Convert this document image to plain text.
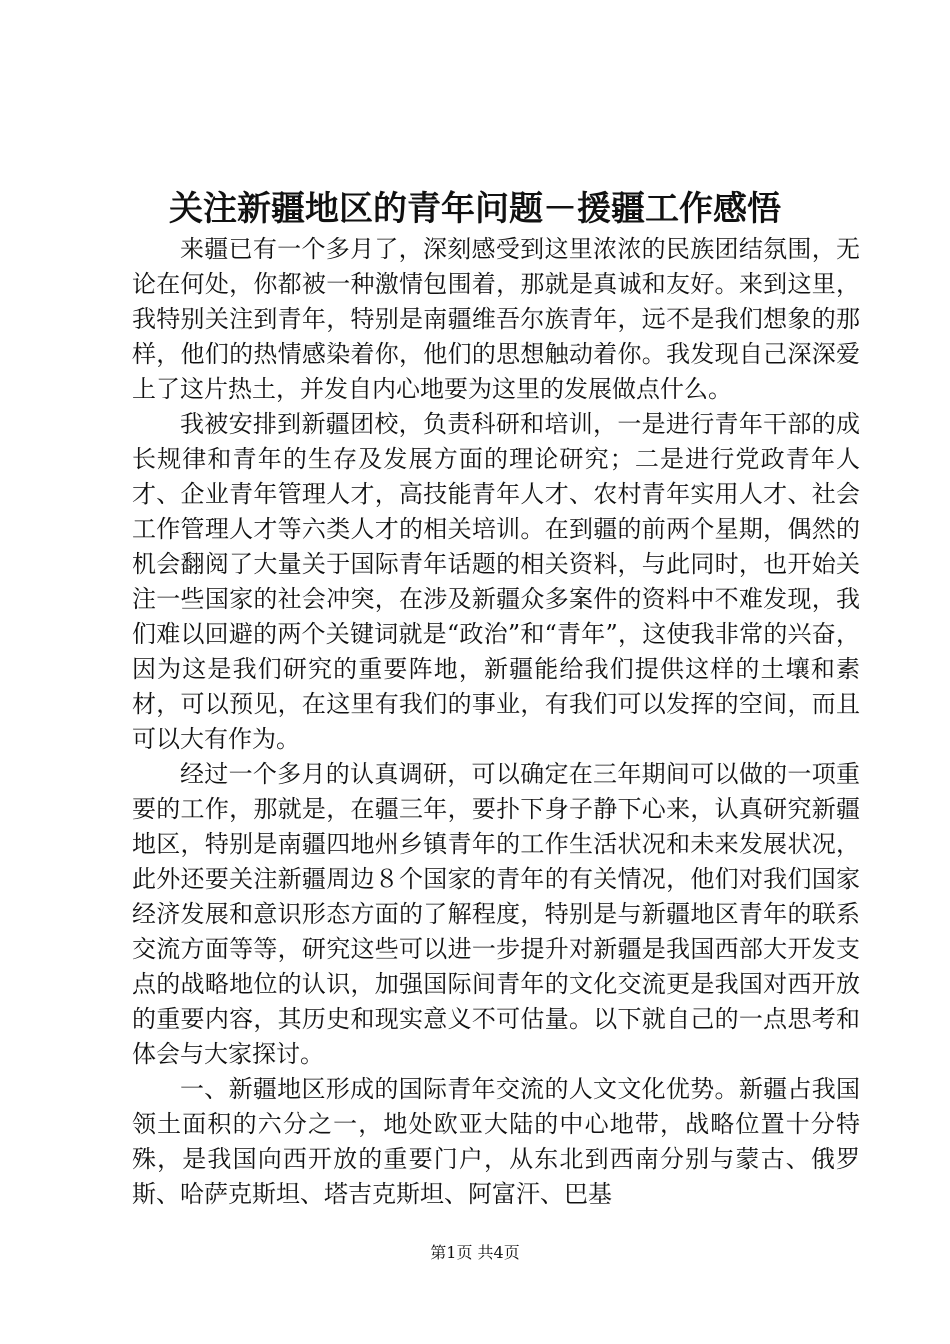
关注新疆地区的青年问题－援疆工作感悟

来疆已有一个多月了，深刻感受到这里浓浓的民族团结氛围，无论在何处，你都被一种激情包围着，那就是真诚和友好。来到这里，我特别关注到青年，特别是南疆维吾尔族青年，远不是我们想象的那样，他们的热情感染着你，他们的思想触动着你。我发现自己深深爱上了这片热土，并发自内心地要为这里的发展做点什么。

我被安排到新疆团校，负责科研和培训，一是进行青年干部的成长规律和青年的生存及发展方面的理论研究；二是进行党政青年人才、企业青年管理人才，高技能青年人才、农村青年实用人才、社会工作管理人才等六类人才的相关培训。在到疆的前两个星期，偶然的机会翻阅了大量关于国际青年话题的相关资料，与此同时，也开始关注一些国家的社会冲突，在涉及新疆众多案件的资料中不难发现，我们难以回避的两个关键词就是“政治”和“青年”，这使我非常的兴奋，因为这是我们研究的重要阵地，新疆能给我们提供这样的土壤和素材，可以预见，在这里有我们的事业，有我们可以发挥的空间，而且可以大有作为。

经过一个多月的认真调研，可以确定在三年期间可以做的一项重要的工作，那就是，在疆三年，要扑下身子静下心来，认真研究新疆地区，特别是南疆四地州乡镇青年的工作生活状况和未来发展状况，此外还要关注新疆周边８个国家的青年的有关情况，他们对我们国家经济发展和意识形态方面的了解程度，特别是与新疆地区青年的联系交流方面等等，研究这些可以进一步提升对新疆是我国西部大开发支点的战略地位的认识，加强国际间青年的文化交流更是我国对西开放的重要内容，其历史和现实意义不可估量。以下就自己的一点思考和体会与大家探讨。

一、新疆地区形成的国际青年交流的人文文化优势。新疆占我国领土面积的六分之一，地处欧亚大陆的中心地带，战略位置十分特殊，是我国向西开放的重要门户，从东北到西南分别与蒙古、俄罗斯、哈萨克斯坦、塔吉克斯坦、阿富汗、巴基

第1页 共4页
